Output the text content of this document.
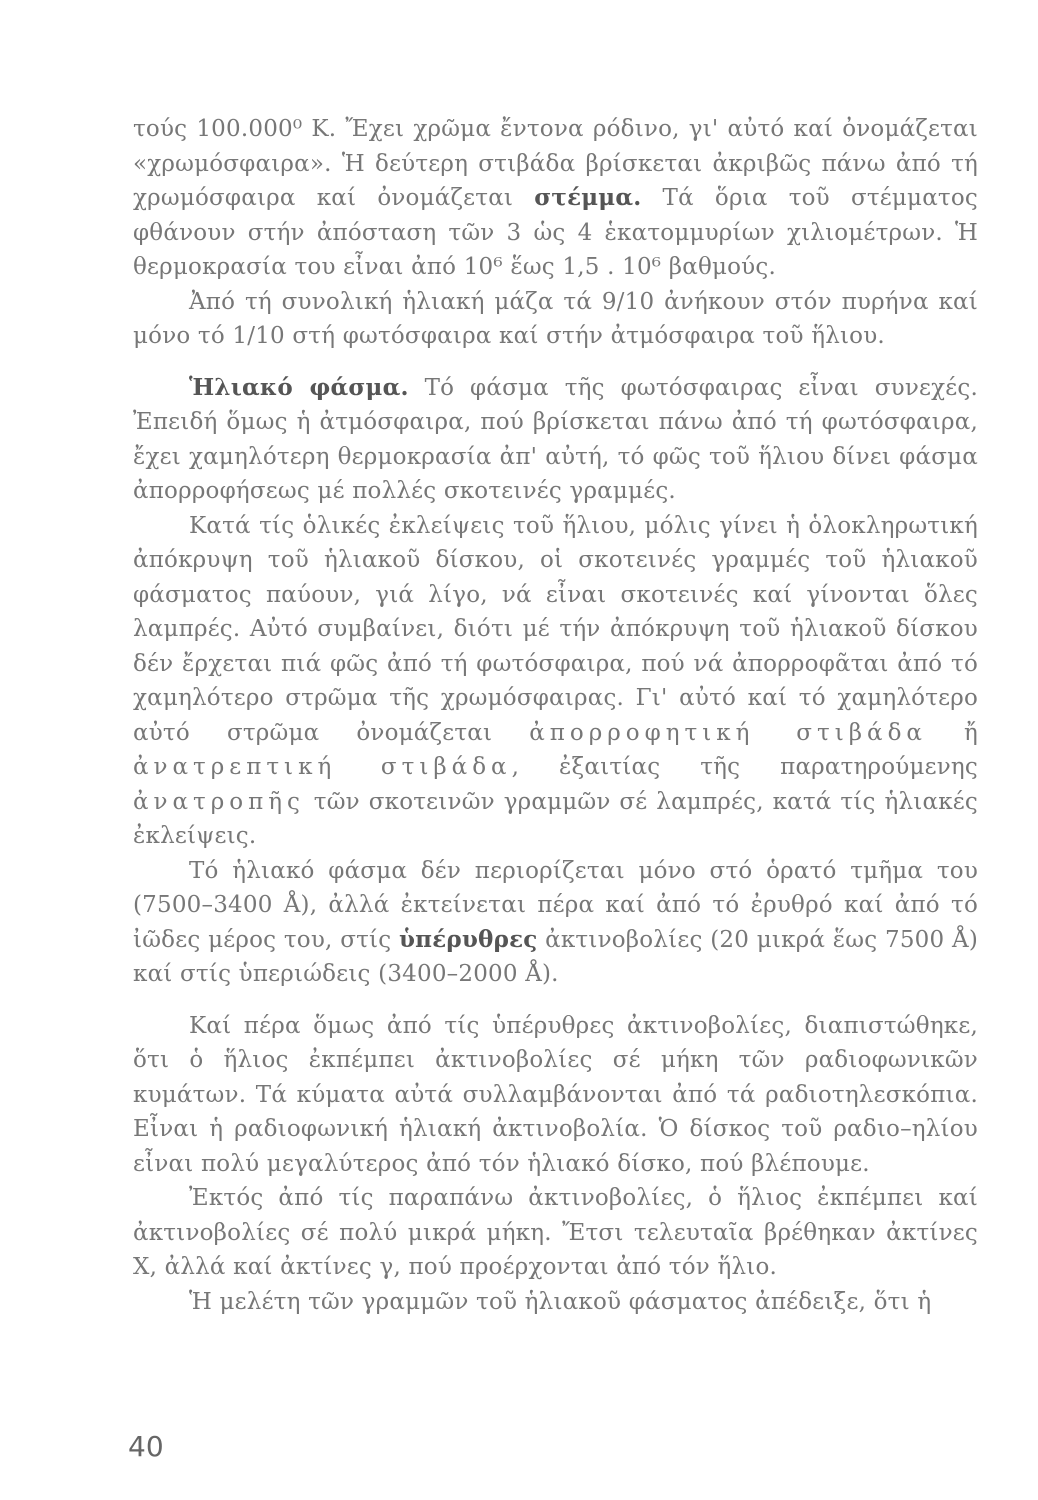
τούς 100.000⁰ Κ. Ἔχει χρῶμα ἔντονα ρόδινο, γι' αὐτό καί ὀνομάζεται «χρωμόσφαιρα». Ἡ δεύτερη στιβάδα βρίσκεται ἀκριβῶς πάνω ἀπό τή χρωμόσφαιρα καί ὀνομάζεται στέμμα. Τά ὅρια τοῦ στέμματος φθάνουν στήν ἀπόσταση τῶν 3 ὡς 4 ἑκατομμυρίων χιλιομέτρων. Ἡ θερμοκρασία του εἶναι ἀπό 10⁶ ἕως 1,5 . 10⁶ βαθμούς.

Ἀπό τή συνολική ἡλιακή μάζα τά 9/10 ἀνήκουν στόν πυρήνα καί μόνο τό 1/10 στή φωτόσφαιρα καί στήν ἀτμόσφαιρα τοῦ ἥλιου.

Ἡλιακό φάσμα. Τό φάσμα τῆς φωτόσφαιρας εἶναι συνεχές. Ἐπειδή ὅμως ἡ ἀτμόσφαιρα, πού βρίσκεται πάνω ἀπό τή φωτόσφαιρα, ἔχει χαμηλότερη θερμοκρασία ἀπ' αὐτή, τό φῶς τοῦ ἥλιου δίνει φάσμα ἀπορροφήσεως μέ πολλές σκοτεινές γραμμές.

Κατά τίς ὁλικές ἐκλείψεις τοῦ ἥλιου, μόλις γίνει ἡ ὁλοκληρωτική ἀπόκρυψη τοῦ ἡλιακοῦ δίσκου, οἱ σκοτεινές γραμμές τοῦ ἡλιακοῦ φάσματος παύουν, γιά λίγο, νά εἶναι σκοτεινές καί γίνονται ὅλες λαμπρές. Αὐτό συμβαίνει, διότι μέ τήν ἀπόκρυψη τοῦ ἡλιακοῦ δίσκου δέν ἔρχεται πιά φῶς ἀπό τή φωτόσφαιρα, πού νά ἀπορροφᾶται ἀπό τό χαμηλότερο στρῶμα τῆς χρωμόσφαιρας. Γι' αὐτό καί τό χαμηλότερο αὐτό στρῶμα ὀνομάζεται ἀπορροφητική στιβάδα ἤ ἀνατρεπτική στιβάδα, ἐξαιτίας τῆς παρατηρούμενης ἀνατροπῆς τῶν σκοτεινῶν γραμμῶν σέ λαμπρές, κατά τίς ἡλιακές ἐκλείψεις.

Τό ἡλιακό φάσμα δέν περιορίζεται μόνο στό ὁρατό τμῆμα του (7500–3400 Å), ἀλλά ἐκτείνεται πέρα καί ἀπό τό ἐρυθρό καί ἀπό τό ἰῶδες μέρος του, στίς ὑπέρυθρες ἀκτινοβολίες (20 μικρά ἕως 7500 Å) καί στίς ὑπεριώδεις (3400–2000 Å).

Καί πέρα ὅμως ἀπό τίς ὑπέρυθρες ἀκτινοβολίες, διαπιστώθηκε, ὅτι ὁ ἥλιος ἐκπέμπει ἀκτινοβολίες σέ μήκη τῶν ραδιοφωνικῶν κυμάτων. Τά κύματα αὐτά συλλαμβάνονται ἀπό τά ραδιοτηλεσκόπια. Εἶναι ἡ ραδιοφωνική ἡλιακή ἀκτινοβολία. Ὁ δίσκος τοῦ ραδιο–ηλίου εἶναι πολύ μεγαλύτερος ἀπό τόν ἡλιακό δίσκο, πού βλέπουμε.

Ἐκτός ἀπό τίς παραπάνω ἀκτινοβολίες, ὁ ἥλιος ἐκπέμπει καί ἀκτινοβολίες σέ πολύ μικρά μήκη. Ἔτσι τελευταῖα βρέθηκαν ἀκτίνες Χ, ἀλλά καί ἀκτίνες γ, πού προέρχονται ἀπό τόν ἥλιο.

Ἡ μελέτη τῶν γραμμῶν τοῦ ἡλιακοῦ φάσματος ἀπέδειξε, ὅτι ἡ

40
